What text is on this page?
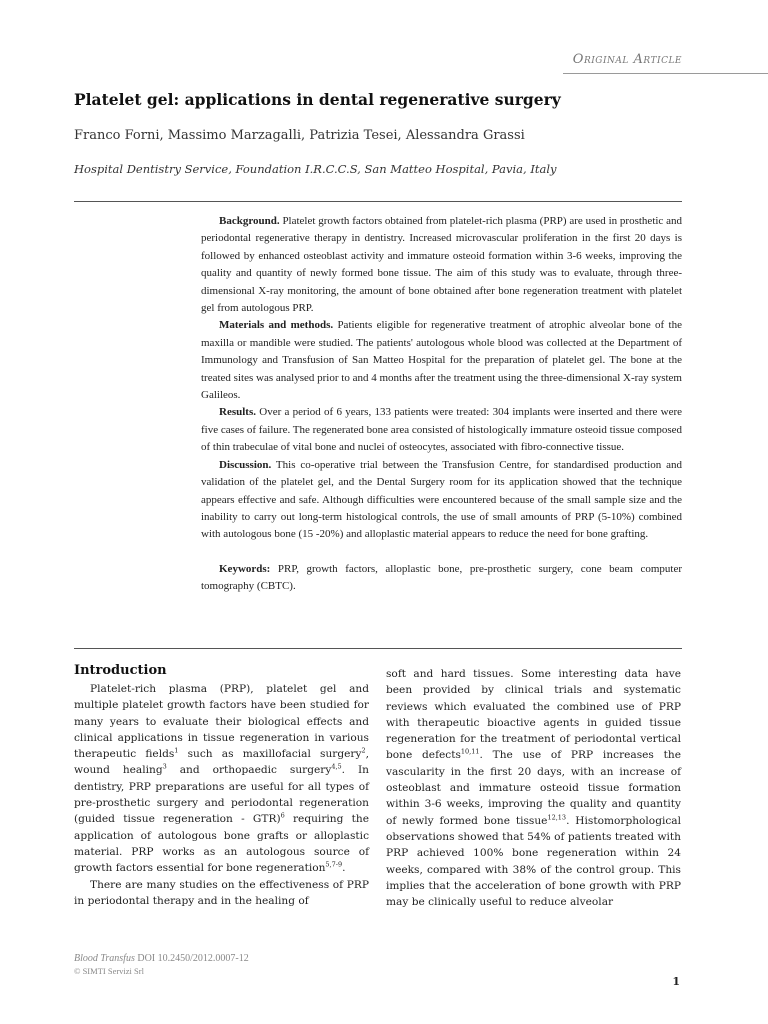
Original Article
Platelet gel: applications in dental regenerative surgery

Franco Forni, Massimo Marzagalli, Patrizia Tesei, Alessandra Grassi

Hospital Dentistry Service, Foundation I.R.C.C.S, San Matteo Hospital, Pavia, Italy

Background. Platelet growth factors obtained from platelet-rich plasma (PRP) are used in prosthetic and periodontal regenerative therapy in dentistry. Increased microvascular proliferation in the first 20 days is followed by enhanced osteoblast activity and immature osteoid formation within 3-6 weeks, improving the quality and quantity of newly formed bone tissue. The aim of this study was to evaluate, through three-dimensional X-ray monitoring, the amount of bone obtained after bone regeneration treatment with platelet gel from autologous PRP.

Materials and methods. Patients eligible for regenerative treatment of atrophic alveolar bone of the maxilla or mandible were studied. The patients' autologous whole blood was collected at the Department of Immunology and Transfusion of San Matteo Hospital for the preparation of platelet gel. The bone at the treated sites was analysed prior to and 4 months after the treatment using the three-dimensional X-ray system Galileos.

Results. Over a period of 6 years, 133 patients were treated: 304 implants were inserted and there were five cases of failure. The regenerated bone area consisted of histologically immature osteoid tissue composed of thin trabeculae of vital bone and nuclei of osteocytes, associated with fibro-connective tissue.

Discussion. This co-operative trial between the Transfusion Centre, for standardised production and validation of the platelet gel, and the Dental Surgery room for its application showed that the technique appears effective and safe. Although difficulties were encountered because of the small sample size and the inability to carry out long-term histological controls, the use of small amounts of PRP (5-10%) combined with autologous bone (15 -20%) and alloplastic material appears to reduce the need for bone grafting.

Keywords: PRP, growth factors, alloplastic bone, pre-prosthetic surgery, cone beam computer tomography (CBTC).

Introduction

Platelet-rich plasma (PRP), platelet gel and multiple platelet growth factors have been studied for many years to evaluate their biological effects and clinical applications in tissue regeneration in various therapeutic fields$^1$ such as maxillofacial surgery$^2$, wound healing$^3$ and orthopaedic surgery$^{4,5}$. In dentistry, PRP preparations are useful for all types of pre-prosthetic surgery and periodontal regeneration (guided tissue regeneration - GTR)$^6$ requiring the application of autologous bone grafts or alloplastic material. PRP works as an autologous source of growth factors essential for bone regeneration$^{5,7-9}$.

There are many studies on the effectiveness of PRP in periodontal therapy and in the healing of

soft and hard tissues. Some interesting data have been provided by clinical trials and systematic reviews which evaluated the combined use of PRP with therapeutic bioactive agents in guided tissue regeneration for the treatment of periodontal vertical bone defects$^{10,11}$. The use of PRP increases the vascularity in the first 20 days, with an increase of osteoblast and immature osteoid tissue formation within 3-6 weeks, improving the quality and quantity of newly formed bone tissue$^{12,13}$. Histomorphological observations showed that 54% of patients treated with PRP achieved 100% bone regeneration within 24 weeks, compared with 38% of the control group. This implies that the acceleration of bone growth with PRP may be clinically useful to reduce alveolar

Blood Transfus DOI 10.2450/2012.0007-12
© SIMTI Servizi Srl
1
